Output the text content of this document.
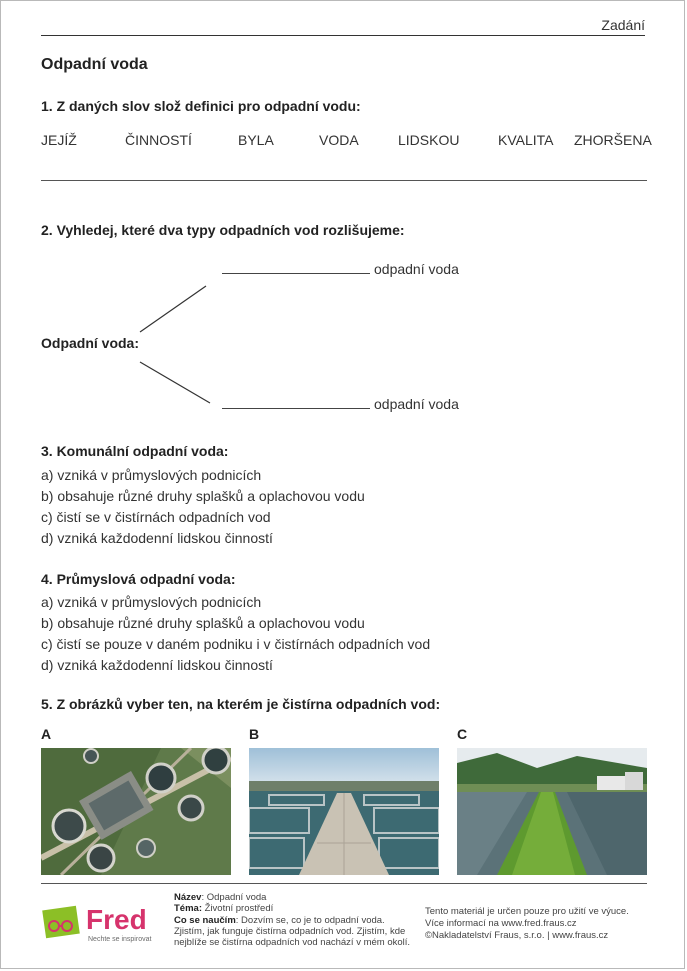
Zadání
Odpadní voda
1. Z daných slov slož definici pro odpadní vodu:
JEJÍŽ	ČINNOSTÍ	BYLA	VODA	LIDSKOU	KVALITA ZHORŠENA
2. Vyhledej, které dva typy odpadních vod rozlišujeme:
odpadní voda
Odpadní voda:
odpadní voda
3. Komunální odpadní voda:
a) vzniká v průmyslových podnicích
b) obsahuje různé druhy splašků a oplachovou vodu
c) čistí se v čistírnách odpadních vod
d) vzniká každodenní lidskou činností
4. Průmyslová odpadní voda:
a) vzniká v průmyslových podnicích
b) obsahuje různé druhy splašků a oplachovou vodu
c) čistí se pouze v daném podniku i v čistírnách odpadních vod
d) vzniká každodenní lidskou činností
5. Z obrázků vyber ten, na kterém je čistírna odpadních vod:
A	B	C
Fred
Nechte se inspirovat
Název: Odpadní voda
Téma: Životní prostředí
Co se naučím: Dozvím se, co je to odpadní voda. Zjistím, jak funguje čistírna odpadních vod. Zjistím, kde nejblíže se čistírna odpadních vod nachází v mém okolí.
Tento materiál je určen pouze pro užití ve výuce.
Více informací na www.fred.fraus.cz
©Nakladatelství Fraus, s.r.o. | www.fraus.cz
